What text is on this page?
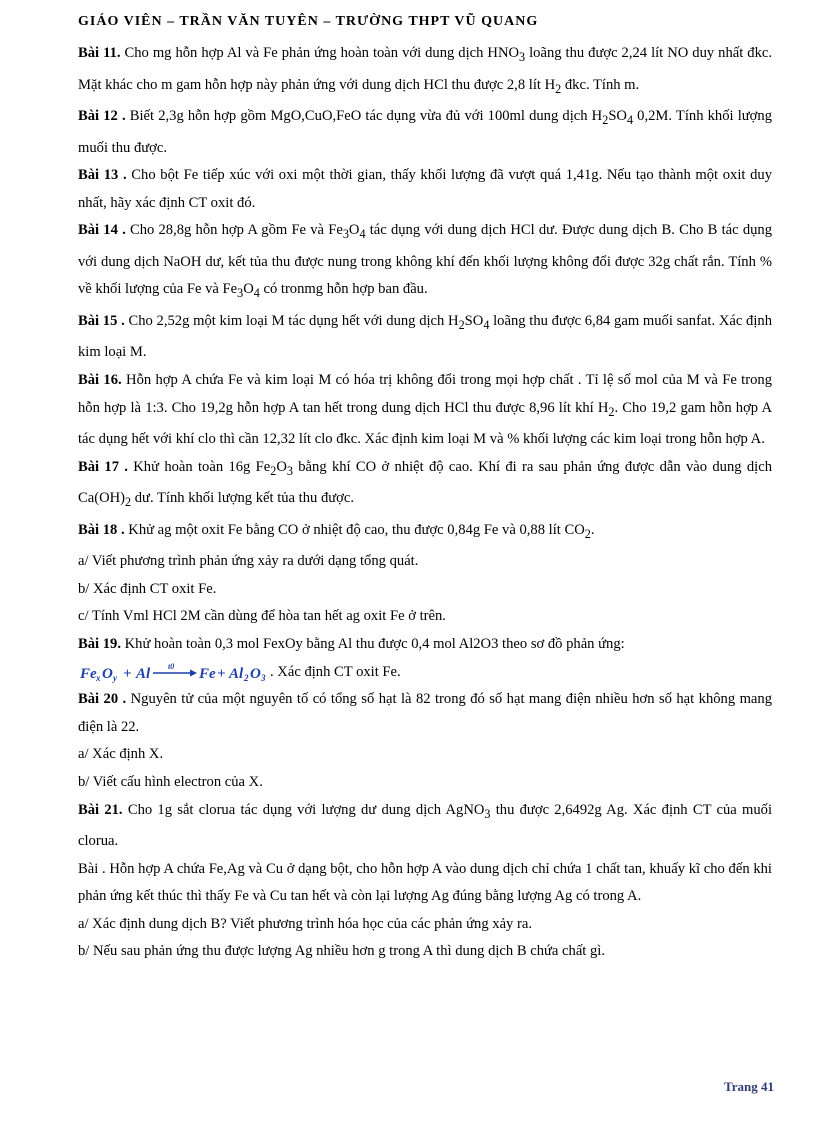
GIÁO VIÊN – TRẦN VĂN TUYÊN – TRƯỜNG THPT VŨ QUANG

Bài 11. Cho mg hỗn hợp Al và Fe phản ứng hoàn toàn với dung dịch $HNO_3$ loãng thu được 2,24 lít NO duy nhất đkc. Mặt khác cho m gam hỗn hợp này phản ứng với dung dịch HCl thu được 2,8 lít $H_2$ đkc. Tính m.

Bài 12 . Biết 2,3g hỗn hợp gồm MgO,CuO,FeO tác dụng vừa đủ với 100ml dung dịch $H_2SO_4$ 0,2M. Tính khối lượng muối thu được.

Bài 13 . Cho bột Fe tiếp xúc với oxi một thời gian, thấy khối lượng đã vượt quá 1,41g. Nếu tạo thành một oxit duy nhất, hãy xác định CT oxit đó.

Bài 14 . Cho 28,8g hỗn hợp A gồm Fe và $Fe_3O_4$ tác dụng với dung dịch HCl dư. Được dung dịch B. Cho B tác dụng với dung dịch NaOH dư, kết tủa thu được nung trong không khí đến khối lượng không đổi được 32g chất rắn. Tính % về khối lượng của Fe và $Fe_3O_4$ có tronmg hỗn hợp ban đầu.

Bài 15 . Cho 2,52g một kim loại M tác dụng hết với dung dịch $H_2SO_4$ loãng thu được 6,84 gam muối sanfat. Xác định kim loại M.

Bài 16. Hỗn hợp A chứa Fe và kim loại M có hóa trị không đổi trong mọi hợp chất . Tỉ lệ số mol của M và Fe trong hỗn hợp là 1:3. Cho 19,2g hỗn hợp A tan hết trong dung dịch HCl thu được 8,96 lít khí $H_2$. Cho 19,2 gam hỗn hợp A tác dụng hết với khí clo thì cần 12,32 lít clo đkc. Xác định kim loại M và % khối lượng các kim loại trong hỗn hợp A.

Bài 17 . Khử hoàn toàn 16g $Fe_2O_3$ bằng khí CO ở nhiệt độ cao. Khí đi ra sau phản ứng được dẫn vào dung dịch $Ca(OH)_2$ dư. Tính khối lượng kết tủa thu được.

Bài 18 . Khử ag một oxit Fe bằng CO ở nhiệt độ cao, thu được 0,84g Fe và 0,88 lít $CO_2$.

a/ Viết phương trình phản ứng xảy ra dưới dạng tổng quát.

b/ Xác định CT oxit Fe.

c/ Tính Vml HCl 2M cần dùng để hòa tan hết ag oxit Fe ở trên.

Bài 19. Khử hoàn toàn 0,3 mol FexOy bằng Al thu được 0,4 mol Al2O3 theo sơ đồ phản ứng:

Fe x O y + Al t0 Fe + Al 2 O 3 . Xác định CT oxit Fe.

Bài 20 . Nguyên tử của một nguyên tố có tổng số hạt là 82 trong đó số hạt mang điện nhiều hơn số hạt không mang điện là 22.

a/ Xác định X.

b/ Viết cấu hình electron của X.

Bài 21. Cho 1g sắt clorua tác dụng với lượng dư dung dịch AgNO$_3$ thu được 2,6492g Ag. Xác định CT của muối clorua.

Bài . Hỗn hợp A chứa Fe,Ag và Cu ở dạng bột, cho hỗn hợp A vào dung dịch chỉ chứa 1 chất tan, khuấy kĩ cho đến khi phản ứng kết thúc thì thấy Fe và Cu tan hết và còn lại lượng Ag đúng bằng lượng Ag có trong A.

a/ Xác định dung dịch B? Viết phương trình hóa học của các phản ứng xảy ra.

b/ Nếu sau phản ứng thu được lượng Ag nhiều hơn g trong A thì dung dịch B chứa chất gì.

Trang 41
